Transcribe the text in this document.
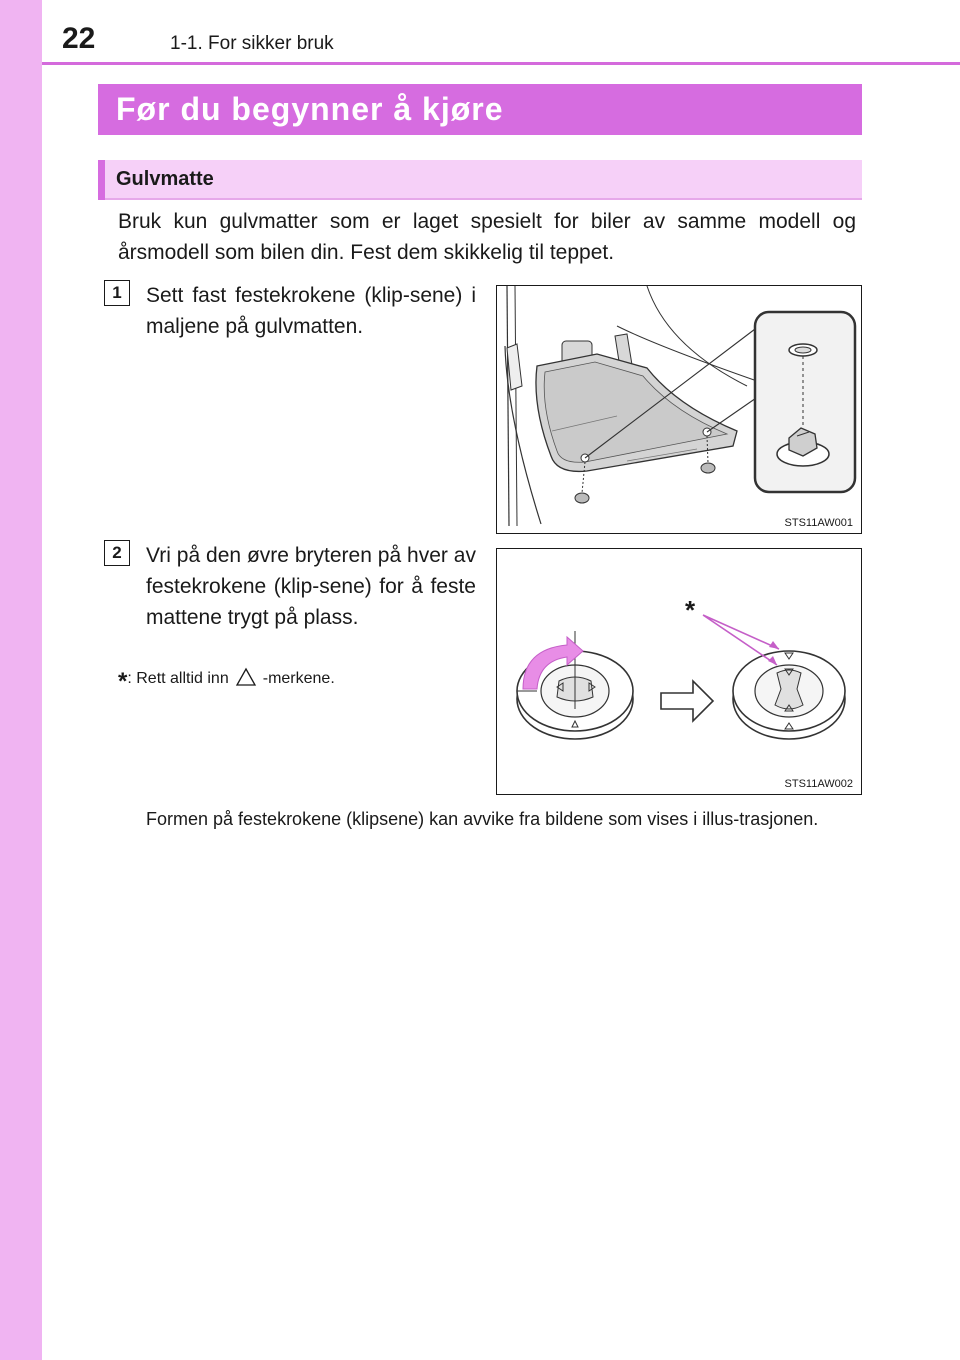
22	1-1. For sikker bruk
Før du begynner å kjøre
Gulvmatte
Bruk kun gulvmatter som er laget spesielt for biler av samme modell og årsmodell som bilen din. Fest dem skikkelig til teppet.
1	Sett fast festekrokene (klip-sene) i maljene på gulvmatten.
STS11AW001
2	Vri på den øvre bryteren på hver av festekrokene (klip-sene) for å feste mattene trygt på plass.
*: Rett alltid inn -merkene.
*
STS11AW002
Formen på festekrokene (klipsene) kan avvike fra bildene som vises i illus-trasjonen.
